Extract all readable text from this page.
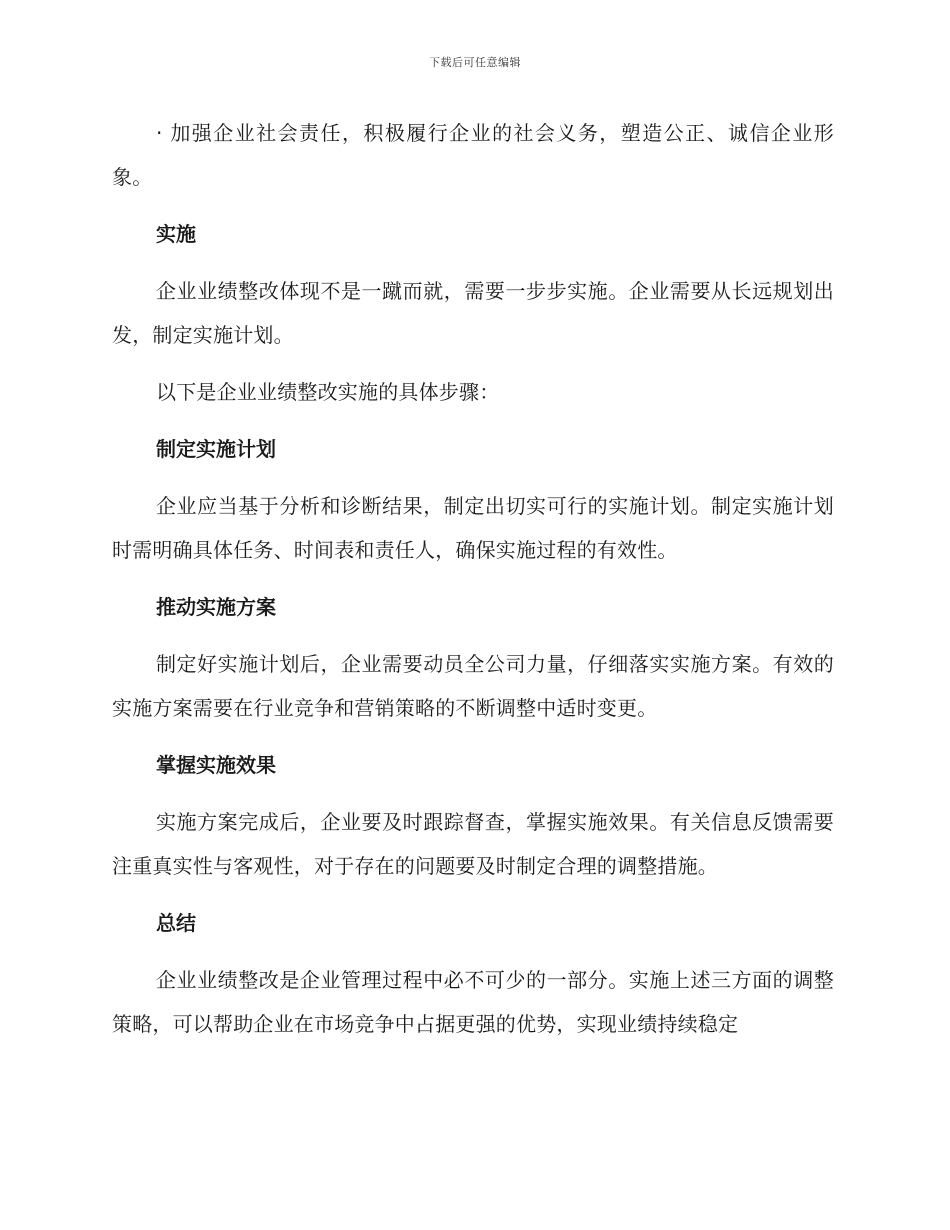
下载后可任意编辑

· 加强企业社会责任，积极履行企业的社会义务，塑造公正、诚信企业形象。

实施

企业业绩整改体现不是一蹴而就，需要一步步实施。企业需要从长远规划出发，制定实施计划。

以下是企业业绩整改实施的具体步骤：

制定实施计划

企业应当基于分析和诊断结果，制定出切实可行的实施计划。制定实施计划时需明确具体任务、时间表和责任人，确保实施过程的有效性。

推动实施方案

制定好实施计划后，企业需要动员全公司力量，仔细落实实施方案。有效的实施方案需要在行业竞争和营销策略的不断调整中适时变更。

掌握实施效果

实施方案完成后，企业要及时跟踪督查，掌握实施效果。有关信息反馈需要注重真实性与客观性，对于存在的问题要及时制定合理的调整措施。

总结

企业业绩整改是企业管理过程中必不可少的一部分。实施上述三方面的调整策略，可以帮助企业在市场竞争中占据更强的优势，实现业绩持续稳定
